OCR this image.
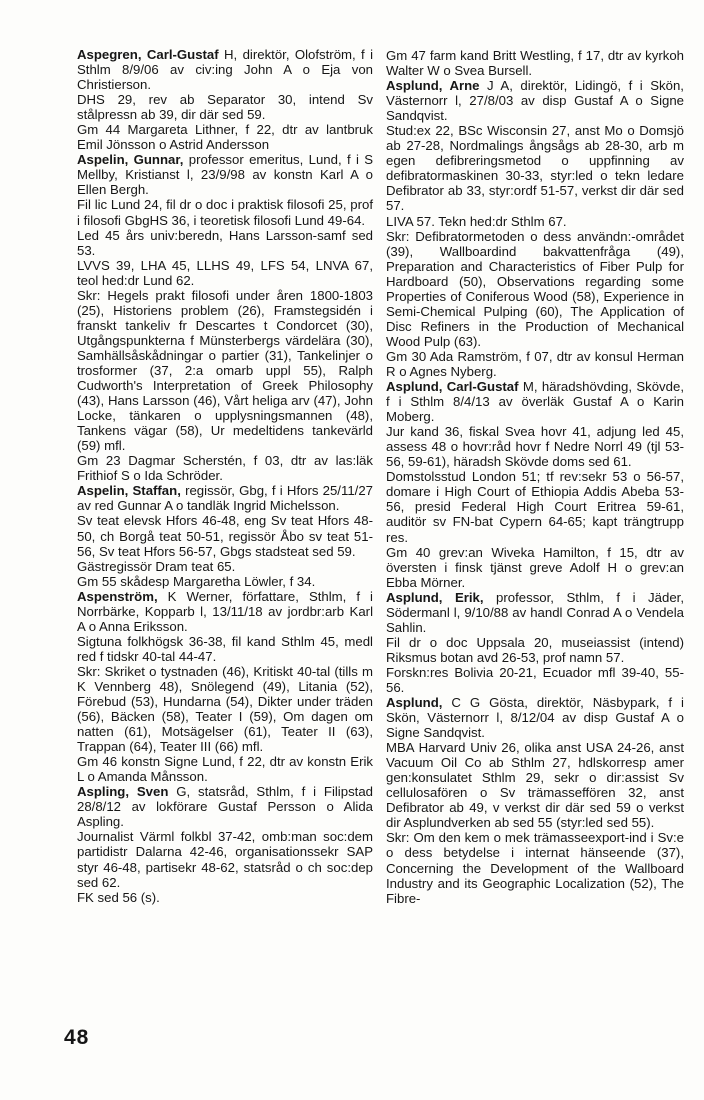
Aspegren, Carl-Gustaf H, direktör, Olofström, f i Sthlm 8/9/06 av civ:ing John A o Eja von Christierson.

DHS 29, rev ab Separator 30, intend Sv stålpressn ab 39, dir där sed 59.

Gm 44 Margareta Lithner, f 22, dtr av lantbruk Emil Jönsson o Astrid Andersson

Aspelin, Gunnar, professor emeritus, Lund, f i S Mellby, Kristianst l, 23/9/98 av konstn Karl A o Ellen Bergh.

Fil lic Lund 24, fil dr o doc i praktisk filosofi 25, prof i filosofi GbgHS 36, i teoretisk filosofi Lund 49-64.

Led 45 års univ:beredn, Hans Larsson-samf sed 53.

LVVS 39, LHA 45, LLHS 49, LFS 54, LNVA 67, teol hed:dr Lund 62.

Skr: Hegels prakt filosofi under åren 1800-1803 (25), Historiens problem (26), Framstegsidén i franskt tankeliv fr Descartes t Condorcet (30), Utgångspunkterna f Münsterbergs värdelära (30), Samhällsåskådningar o partier (31), Tankelinjer o trosformer (37, 2:a omarb uppl 55), Ralph Cudworth's Interpretation of Greek Philosophy (43), Hans Larsson (46), Vårt heliga arv (47), John Locke, tänkaren o upplysningsmannen (48), Tankens vägar (58), Ur medeltidens tankevärld (59) mfl.

Gm 23 Dagmar Scherstén, f 03, dtr av las:läk Frithiof S o Ida Schröder.

Aspelin, Staffan, regissör, Gbg, f i Hfors 25/11/27 av red Gunnar A o tandläk Ingrid Michelsson.

Sv teat elevsk Hfors 46-48, eng Sv teat Hfors 48-50, ch Borgå teat 50-51, regissör Åbo sv teat 51-56, Sv teat Hfors 56-57, Gbgs stadsteat sed 59.

Gästregissör Dram teat 65.

Gm 55 skådesp Margaretha Löwler, f 34.

Aspenström, K Werner, författare, Sthlm, f i Norrbärke, Kopparb l, 13/11/18 av jordbr:arb Karl A o Anna Eriksson.

Sigtuna folkhögsk 36-38, fil kand Sthlm 45, medl red f tidskr 40-tal 44-47.

Skr: Skriket o tystnaden (46), Kritiskt 40-tal (tills m K Vennberg 48), Snölegend (49), Litania (52), Förebud (53), Hundarna (54), Dikter under träden (56), Bäcken (58), Teater I (59), Om dagen om natten (61), Motsägelser (61), Teater II (63), Trappan (64), Teater III (66) mfl.

Gm 46 konstn Signe Lund, f 22, dtr av konstn Erik L o Amanda Månsson.

Aspling, Sven G, statsråd, Sthlm, f i Filipstad 28/8/12 av lokförare Gustaf Persson o Alida Aspling.

Journalist Värml folkbl 37-42, omb:man soc:dem partidistr Dalarna 42-46, organisationssekr SAP styr 46-48, partisekr 48-62, statsråd o ch soc:dep sed 62.

FK sed 56 (s).

Gm 47 farm kand Britt Westling, f 17, dtr av kyrkoh Walter W o Svea Bursell.

Asplund, Arne J A, direktör, Lidingö, f i Skön, Västernorr l, 27/8/03 av disp Gustaf A o Signe Sandqvist.

Stud:ex 22, BSc Wisconsin 27, anst Mo o Domsjö ab 27-28, Nordmalings ångsågs ab 28-30, arb m egen defibreringsmetod o uppfinning av defibratormaskinen 30-33, styr:led o tekn ledare Defibrator ab 33, styr:ordf 51-57, verkst dir där sed 57.

LIVA 57. Tekn hed:dr Sthlm 67.

Skr: Defibratormetoden o dess användn:-området (39), Wallboardind bakvattenfråga (49), Preparation and Characteristics of Fiber Pulp for Hardboard (50), Observations regarding some Properties of Coniferous Wood (58), Experience in Semi-Chemical Pulping (60), The Application of Disc Refiners in the Production of Mechanical Wood Pulp (63).

Gm 30 Ada Ramström, f 07, dtr av konsul Herman R o Agnes Nyberg.

Asplund, Carl-Gustaf M, häradshövding, Skövde, f i Sthlm 8/4/13 av överläk Gustaf A o Karin Moberg.

Jur kand 36, fiskal Svea hovr 41, adjung led 45, assess 48 o hovr:råd hovr f Nedre Norrl 49 (tjl 53-56, 59-61), häradsh Skövde doms sed 61.

Domstolsstud London 51; tf rev:sekr 53 o 56-57, domare i High Court of Ethiopia Addis Abeba 53-56, presid Federal High Court Eritrea 59-61, auditör sv FN-bat Cypern 64-65; kapt trängtrupp res.

Gm 40 grev:an Wiveka Hamilton, f 15, dtr av översten i finsk tjänst greve Adolf H o grev:an Ebba Mörner.

Asplund, Erik, professor, Sthlm, f i Jäder, Södermanl l, 9/10/88 av handl Conrad A o Vendela Sahlin.

Fil dr o doc Uppsala 20, museiassist (intend) Riksmus botan avd 26-53, prof namn 57.

Forskn:res Bolivia 20-21, Ecuador mfl 39-40, 55-56.

Asplund, C G Gösta, direktör, Näsbypark, f i Skön, Västernorr l, 8/12/04 av disp Gustaf A o Signe Sandqvist.

MBA Harvard Univ 26, olika anst USA 24-26, anst Vacuum Oil Co ab Sthlm 27, hdlskorresp amer gen:konsulatet Sthlm 29, sekr o dir:assist Sv cellulosafören o Sv trämasseffören 32, anst Defibrator ab 49, v verkst dir där sed 59 o verkst dir Asplundverken ab sed 55 (styr:led sed 55).

Skr: Om den kem o mek trämasseexport-ind i Sv:e o dess betydelse i internat hänseende (37), Concerning the Development of the Wallboard Industry and its Geographic Localization (52), The Fibre-

48
